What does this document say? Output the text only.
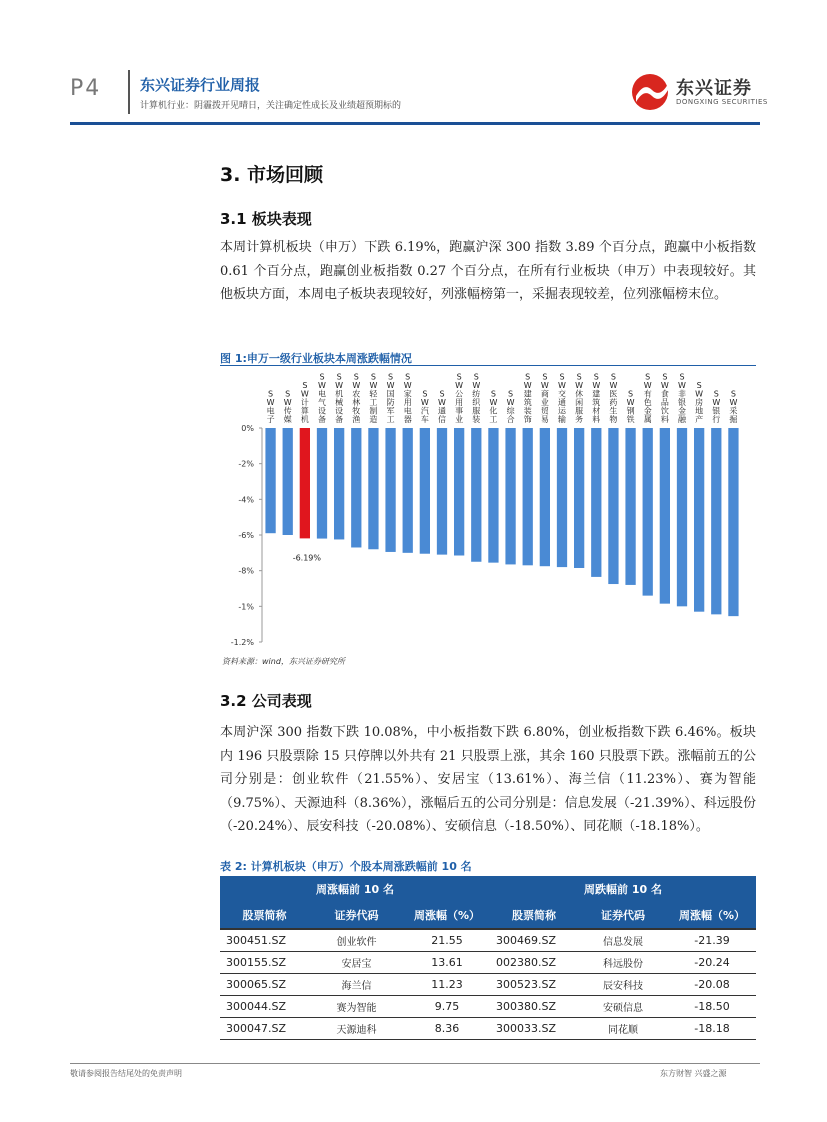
P4	东兴证券行业周报
计算机行业：阴霾拨开见晴日，关注确定性成长及业绩超预期标的
东兴证券
DONGXING SECURITIES
3. 市场回顾
3.1 板块表现
本周计算机板块（申万）下跌 6.19%，跑赢沪深 300 指数 3.89 个百分点，跑赢中小板指数 0.61 个百分点，跑赢创业板指数 0.27 个百分点，在所有行业板块（申万）中表现较好。其他板块方面，本周电子板块表现较好，列涨幅榜第一，采掘表现较差，位列涨幅榜末位。
图 1:申万一级行业板块本周涨跌幅情况
0%
-2%
-4%
-6%
-8%
-1%
-1.2%
S W 电子
S W 传媒
S W 计算机
S W 电气设备
S W 机械设备
S W 农林牧渔
S W 轻工制造
S W 国防军工
S W 家用电器
S W 汽车
S W 通信
S W 公用事业
S W 纺织服装
S W 化工
S W 综合
S W 建筑装饰
S W 商业贸易
S W 交通运输
S W 休闲服务
S W 建筑材料
S W 医药生物
S W 钢铁
S W 有色金属
S W 食品饮料
S W 非银金融
S W 房地产
S W 银行
S W 采掘
-6.19%
资料来源：wind，东兴证券研究所
3.2 公司表现
本周沪深 300 指数下跌 10.08%，中小板指数下跌 6.80%，创业板指数下跌 6.46%。板块内 196 只股票除 15 只停牌以外共有 21 只股票上涨，其余 160 只股票下跌。涨幅前五的公司分别是：创业软件（21.55%）、安居宝（13.61%）、海兰信（11.23%）、赛为智能（9.75%）、天源迪科（8.36%），涨幅后五的公司分别是：信息发展（-21.39%）、科远股份（-20.24%）、辰安科技（-20.08%）、安硕信息（-18.50%）、同花顺（-18.18%）。
表 2: 计算机板块（申万）个股本周涨跌幅前 10 名
周涨幅前 10 名			周跌幅前 10 名		
股票简称	证券代码	周涨幅（%）	股票简称	证券代码	周涨幅（%）
300451.SZ	创业软件	21.55	300469.SZ	信息发展	-21.39
300155.SZ	安居宝	13.61	002380.SZ	科远股份	-20.24
300065.SZ	海兰信	11.23	300523.SZ	辰安科技	-20.08
300044.SZ	赛为智能	9.75	300380.SZ	安硕信息	-18.50
300047.SZ	天源迪科	8.36	300033.SZ	同花顺	-18.18
敬请参阅报告结尾处的免责声明	东方财智 兴盛之源
